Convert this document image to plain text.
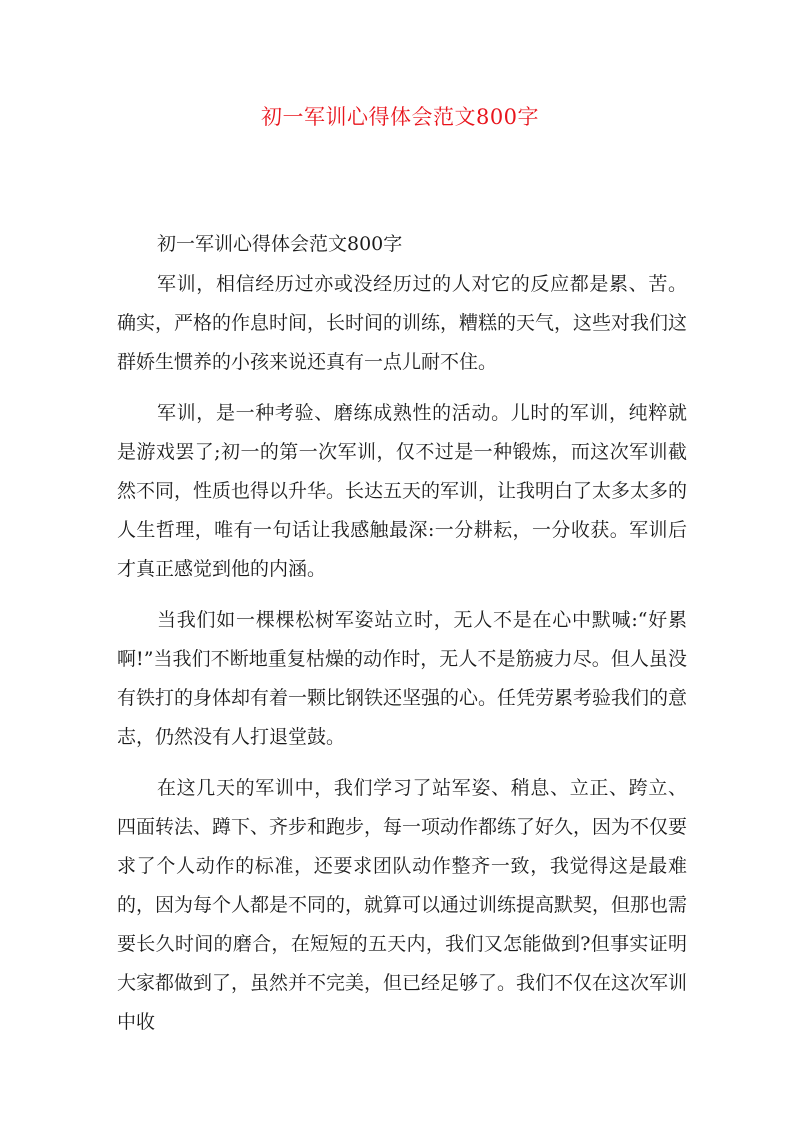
初一军训心得体会范文800字

初一军训心得体会范文800字

军训，相信经历过亦或没经历过的人对它的反应都是累、苦。确实，严格的作息时间，长时间的训练，糟糕的天气，这些对我们这群娇生惯养的小孩来说还真有一点儿耐不住。

军训，是一种考验、磨练成熟性的活动。儿时的军训，纯粹就是游戏罢了;初一的第一次军训，仅不过是一种锻炼，而这次军训截然不同，性质也得以升华。长达五天的军训，让我明白了太多太多的人生哲理，唯有一句话让我感触最深:一分耕耘，一分收获。军训后才真正感觉到他的内涵。

当我们如一棵棵松树军姿站立时，无人不是在心中默喊:“好累啊!”当我们不断地重复枯燥的动作时，无人不是筋疲力尽。但人虽没有铁打的身体却有着一颗比钢铁还坚强的心。任凭劳累考验我们的意志，仍然没有人打退堂鼓。

在这几天的军训中，我们学习了站军姿、稍息、立正、跨立、四面转法、蹲下、齐步和跑步，每一项动作都练了好久，因为不仅要求了个人动作的标准，还要求团队动作整齐一致，我觉得这是最难的，因为每个人都是不同的，就算可以通过训练提高默契，但那也需要长久时间的磨合，在短短的五天内，我们又怎能做到?但事实证明大家都做到了，虽然并不完美，但已经足够了。我们不仅在这次军训中收
